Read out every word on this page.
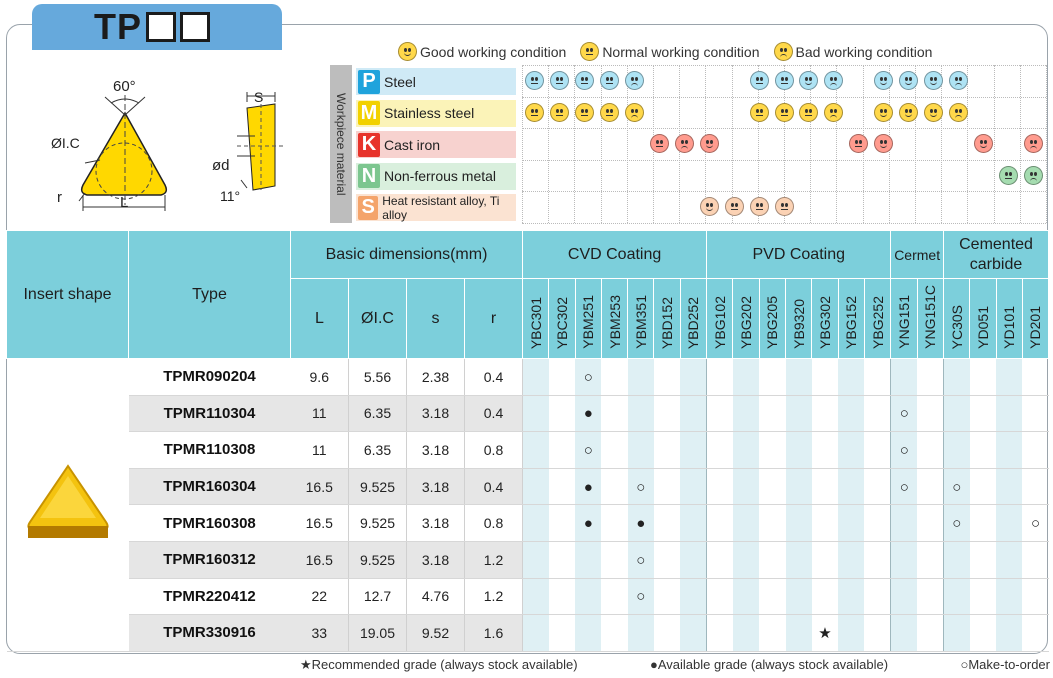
TP
Good working condition	Normal working condition	Bad working condition
60°
ØI.C
r	L
S
ød
11°
Workpiece material
P Steel
M Stainless steel
K Cast iron
N Non-ferrous metal
S Heat resistant alloy, Ti alloy
Insert shape	Type	Basic dimensions(mm)				CVD Coating							PVD Coating							Cermet		Cemented carbide			
		L	ØI.C	s	r	YBC301	YBC302	YBM251	YBM253	YBM351	YBD152	YBD252	YBG102	YBG202	YBG205	YB9320	YBG302	YBG152	YBG252	YNG151	YNG151C	YC30S	YD051	YD101	YD201
	TPMR090204	9.6	5.56	2.38	0.4			○																	
	TPMR110304	11	6.35	3.18	0.4			●												○					
	TPMR110308	11	6.35	3.18	0.8			○												○					
	TPMR160304	16.5	9.525	3.18	0.4			●		○										○		○			
	TPMR160308	16.5	9.525	3.18	0.8			●		●												○			○
	TPMR160312	16.5	9.525	3.18	1.2					○															
	TPMR220412	22	12.7	4.76	1.2					○															
	TPMR330916	33	19.05	9.52	1.6												★								
★Recommended grade (always stock available)	●Available grade (always stock available)	○Make-to-order
